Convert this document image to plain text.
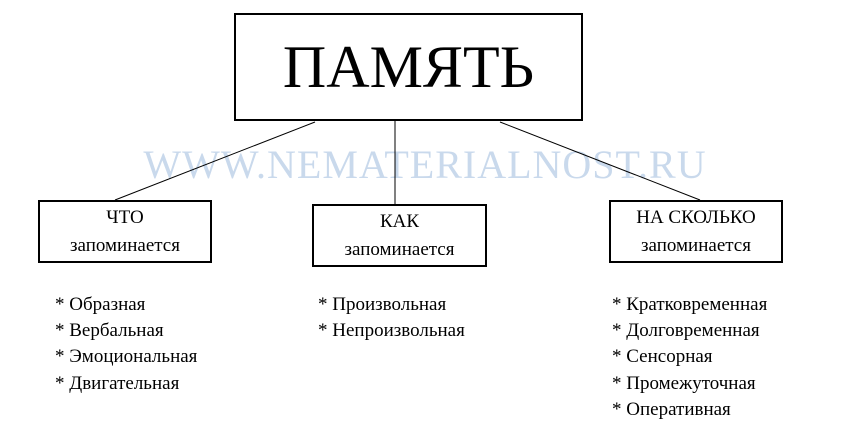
WWW.NEMATERIALNOST.RU
ПАМЯТЬ
ЧТО
запоминается
КАК
запоминается
НА СКОЛЬКО
запоминается
* Образная
* Вербальная
* Эмоциональная
* Двигательная
* Произвольная
* Непроизвольная
* Кратковременная
* Долговременная
* Сенсорная
* Промежуточная
* Оперативная
